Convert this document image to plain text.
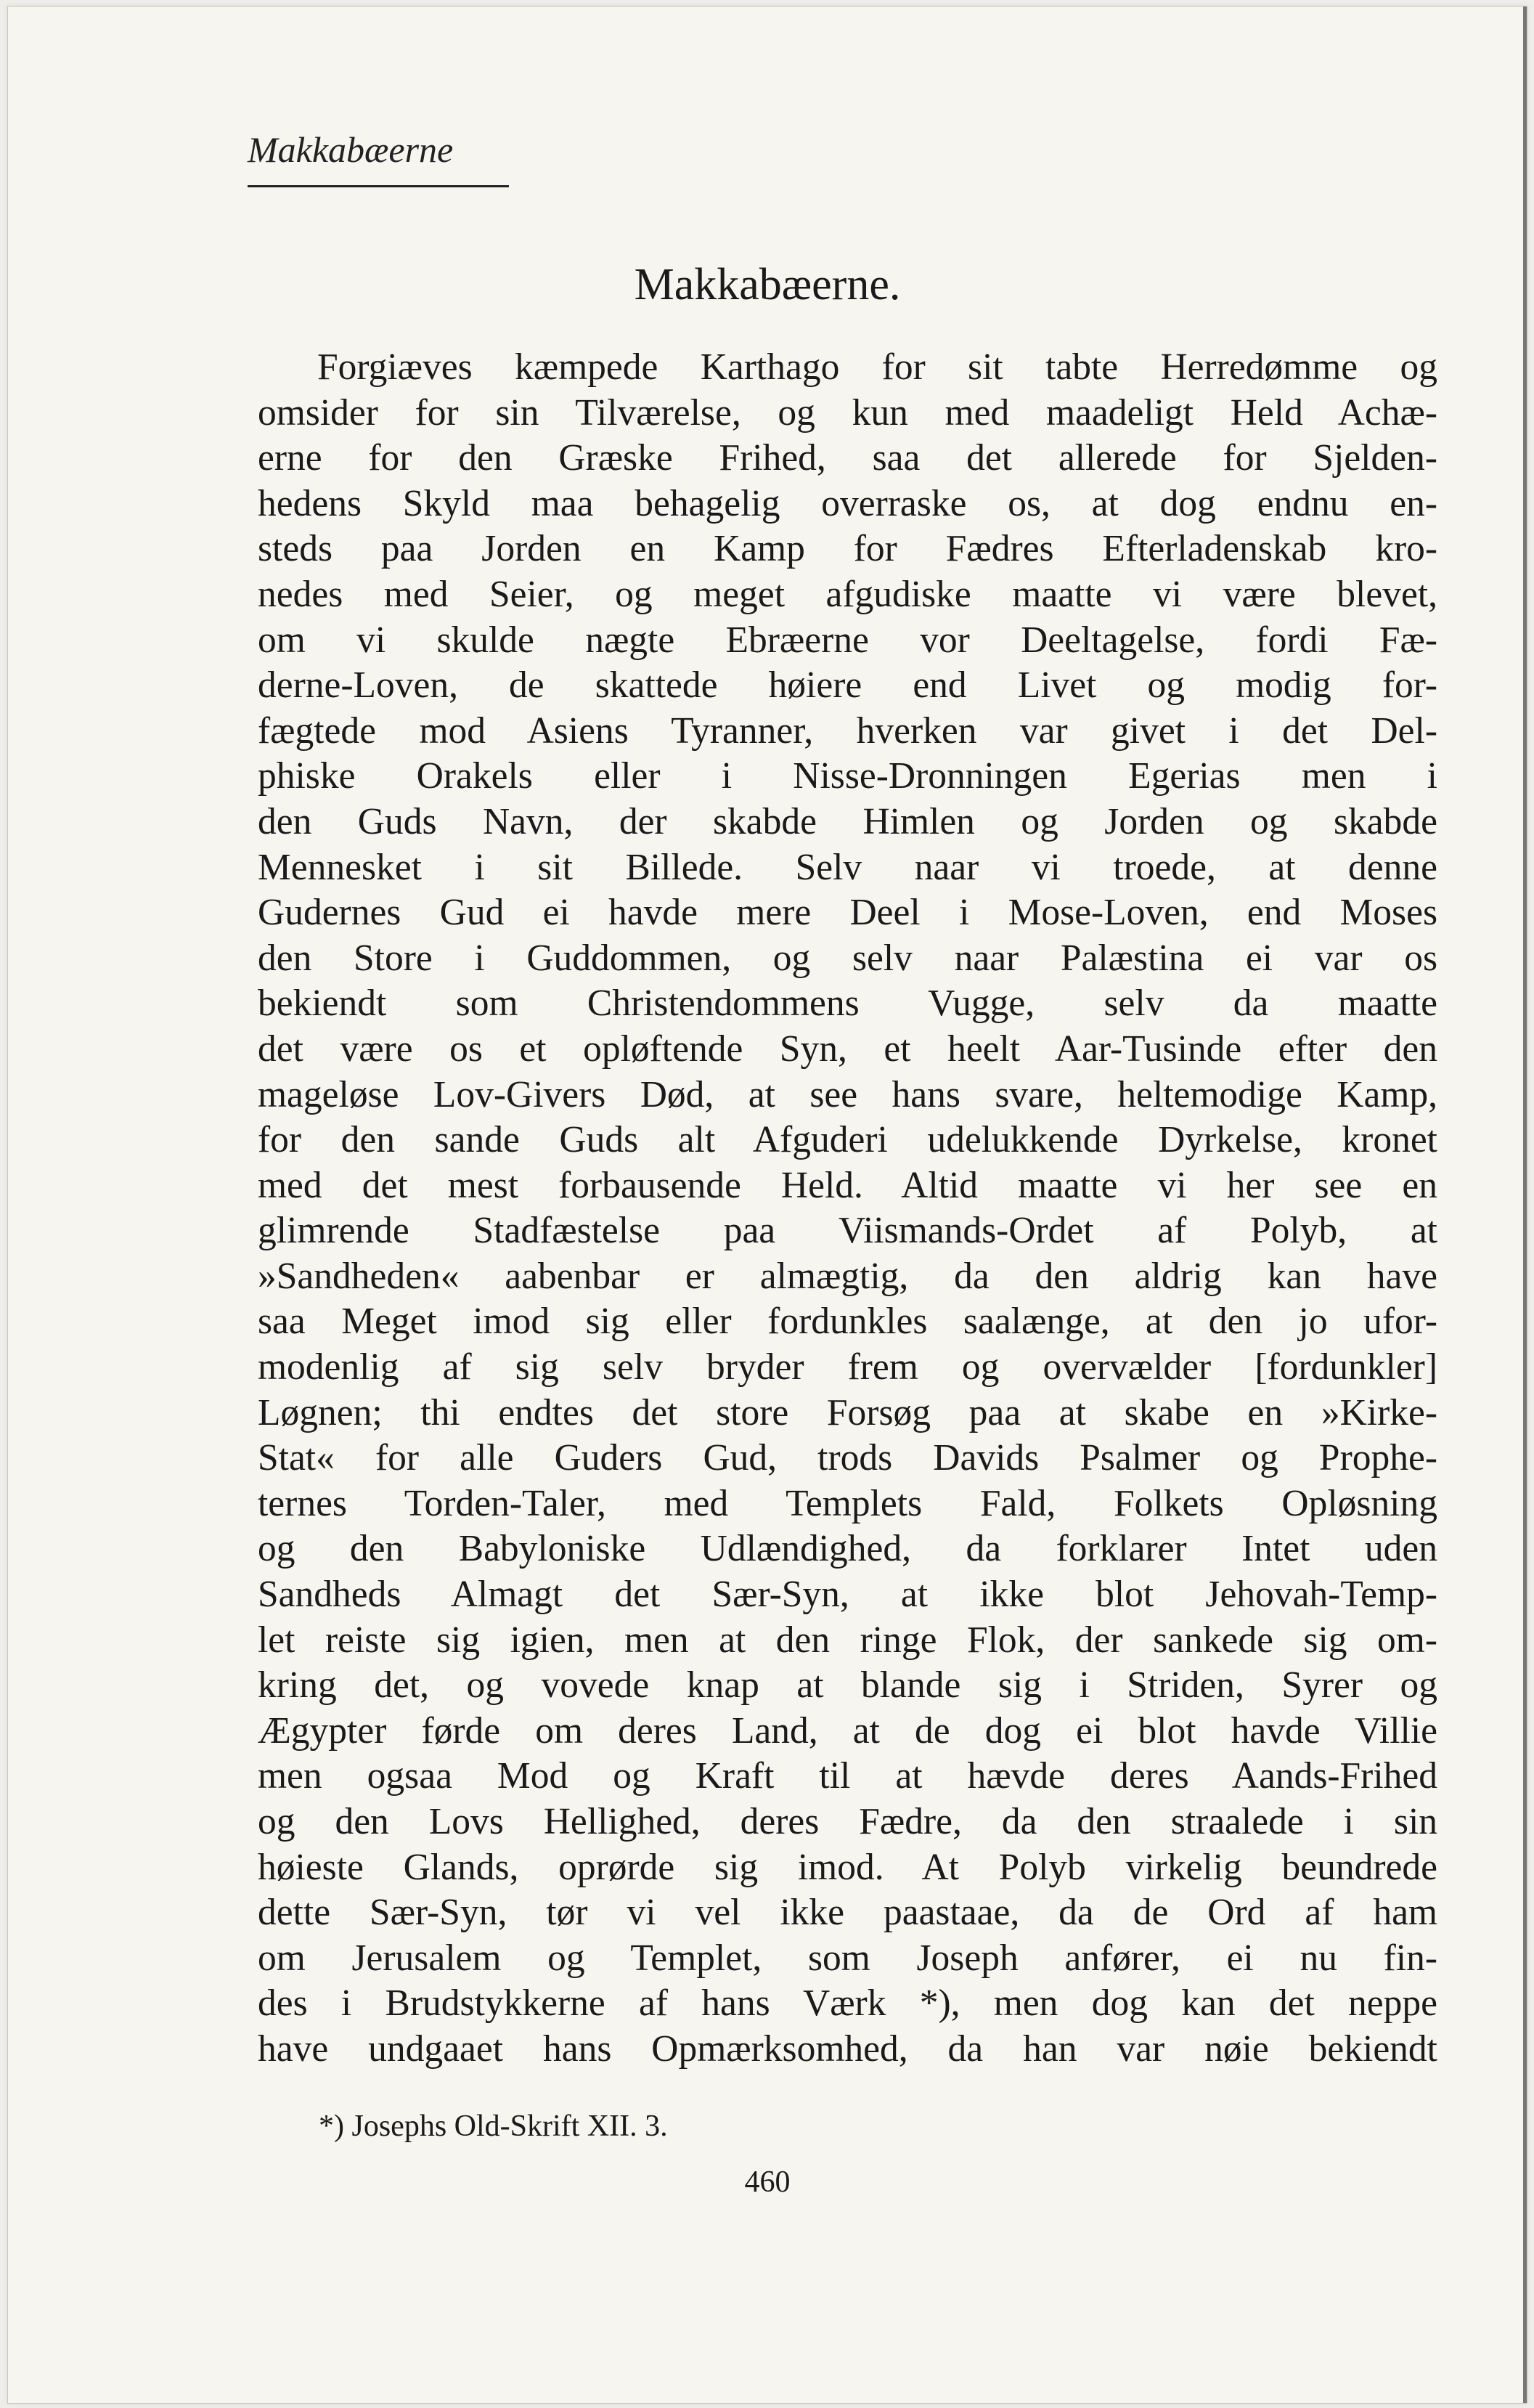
Makkabæerne

Makkabæerne.
Forgiæves kæmpede Karthago for sit tabte Herredømme og
omsider for sin Tilværelse, og kun med maadeligt Held Achæ-
erne for den Græske Frihed, saa det allerede for Sjelden-
hedens Skyld maa behagelig overraske os, at dog endnu en-
steds paa Jorden en Kamp for Fædres Efterladenskab kro-
nedes med Seier, og meget afgudiske maatte vi være blevet,
om vi skulde nægte Ebræerne vor Deeltagelse, fordi Fæ-
derne-Loven, de skattede høiere end Livet og modig for-
fægtede mod Asiens Tyranner, hverken var givet i det Del-
phiske Orakels eller i Nisse-Dronningen Egerias men i
den Guds Navn, der skabde Himlen og Jorden og skabde
Mennesket i sit Billede. Selv naar vi troede, at denne
Gudernes Gud ei havde mere Deel i Mose-Loven, end Moses
den Store i Guddommen, og selv naar Palæstina ei var os
bekiendt som Christendommens Vugge, selv da maatte
det være os et opløftende Syn, et heelt Aar-Tusinde efter den
mageløse Lov-Givers Død, at see hans svare, heltemodige Kamp,
for den sande Guds alt Afguderi udelukkende Dyrkelse, kronet
med det mest forbausende Held. Altid maatte vi her see en
glimrende Stadfæstelse paa Viismands-Ordet af Polyb, at
»Sandheden« aabenbar er almægtig, da den aldrig kan have
saa Meget imod sig eller fordunkles saalænge, at den jo ufor-
modenlig af sig selv bryder frem og overvælder [fordunkler]
Løgnen; thi endtes det store Forsøg paa at skabe en »Kirke-
Stat« for alle Guders Gud, trods Davids Psalmer og Prophe-
ternes Torden-Taler, med Templets Fald, Folkets Opløsning
og den Babyloniske Udlændighed, da forklarer Intet uden
Sandheds Almagt det Sær-Syn, at ikke blot Jehovah-Temp-
let reiste sig igien, men at den ringe Flok, der sankede sig om-
kring det, og vovede knap at blande sig i Striden, Syrer og
Ægypter førde om deres Land, at de dog ei blot havde Villie
men ogsaa Mod og Kraft til at hævde deres Aands-Frihed
og den Lovs Hellighed, deres Fædre, da den straalede i sin
høieste Glands, oprørde sig imod. At Polyb virkelig beundrede
dette Sær-Syn, tør vi vel ikke paastaae, da de Ord af ham
om Jerusalem og Templet, som Joseph anfører, ei nu fin-
des i Brudstykkerne af hans Værk *), men dog kan det neppe
have undgaaet hans Opmærksomhed, da han var nøie bekiendt

*) Josephs Old-Skrift XII. 3.

460
